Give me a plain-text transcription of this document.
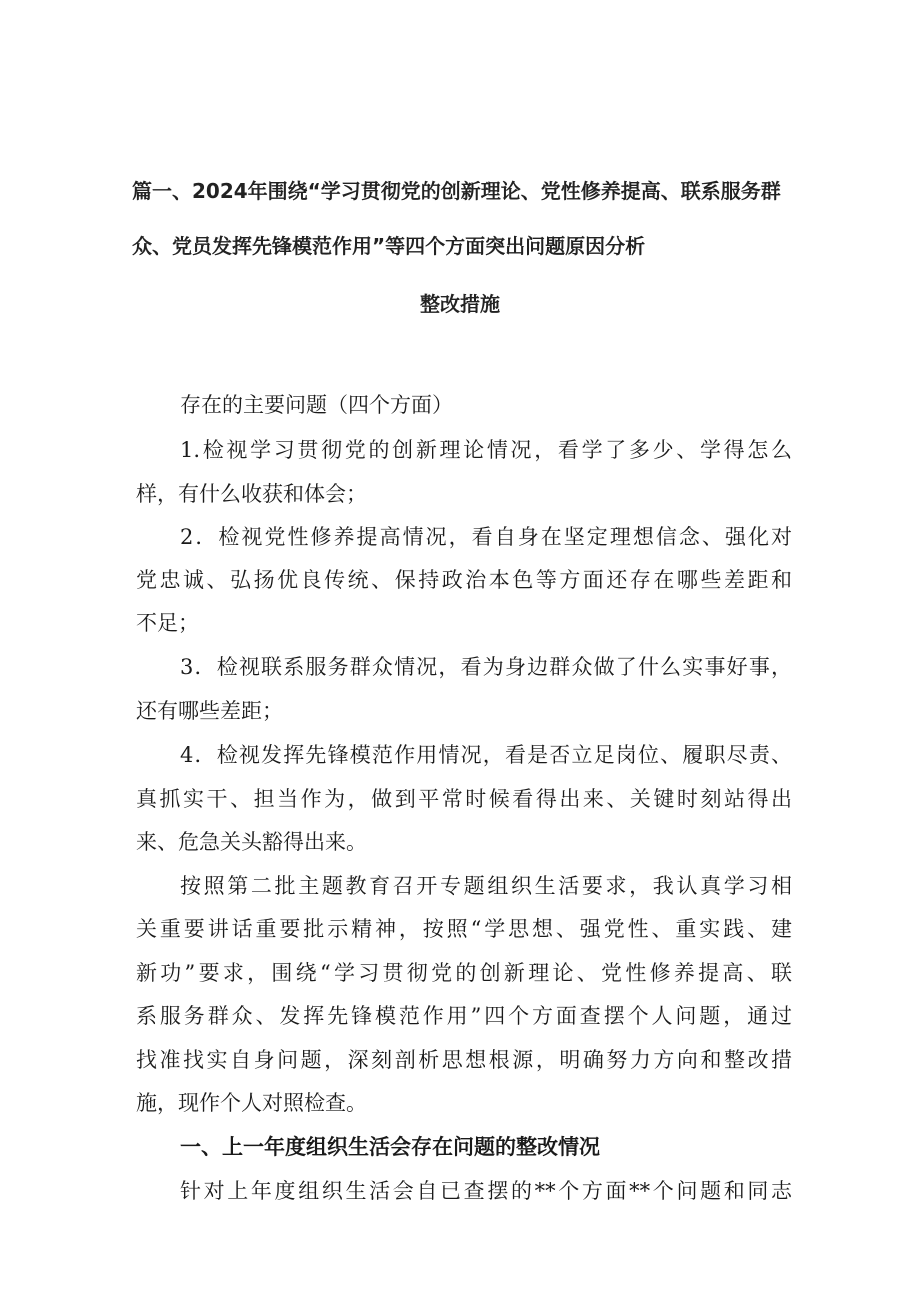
篇一、2024年围绕“学习贯彻党的创新理论、党性修养提高、联系服务群
众、党员发挥先锋模范作用”等四个方面突出问题原因分析
整改措施
存在的主要问题（四个方面）
1.检视学习贯彻党的创新理论情况，看学了多少、学得怎么
样，有什么收获和体会；
2．检视党性修养提高情况，看自身在坚定理想信念、强化对
党忠诚、弘扬优良传统、保持政治本色等方面还存在哪些差距和
不足；
3．检视联系服务群众情况，看为身边群众做了什么实事好事，
还有哪些差距；
4．检视发挥先锋模范作用情况，看是否立足岗位、履职尽责、
真抓实干、担当作为，做到平常时候看得出来、关键时刻站得出
来、危急关头豁得出来。
按照第二批主题教育召开专题组织生活要求，我认真学习相
关重要讲话重要批示精神，按照“学思想、强党性、重实践、建
新功”要求，围绕“学习贯彻党的创新理论、党性修养提高、联
系服务群众、发挥先锋模范作用”四个方面查摆个人问题，通过
找准找实自身问题，深刻剖析思想根源，明确努力方向和整改措
施，现作个人对照检查。
一、上一年度组织生活会存在问题的整改情况
针对上年度组织生活会自已查摆的**个方面**个问题和同志
